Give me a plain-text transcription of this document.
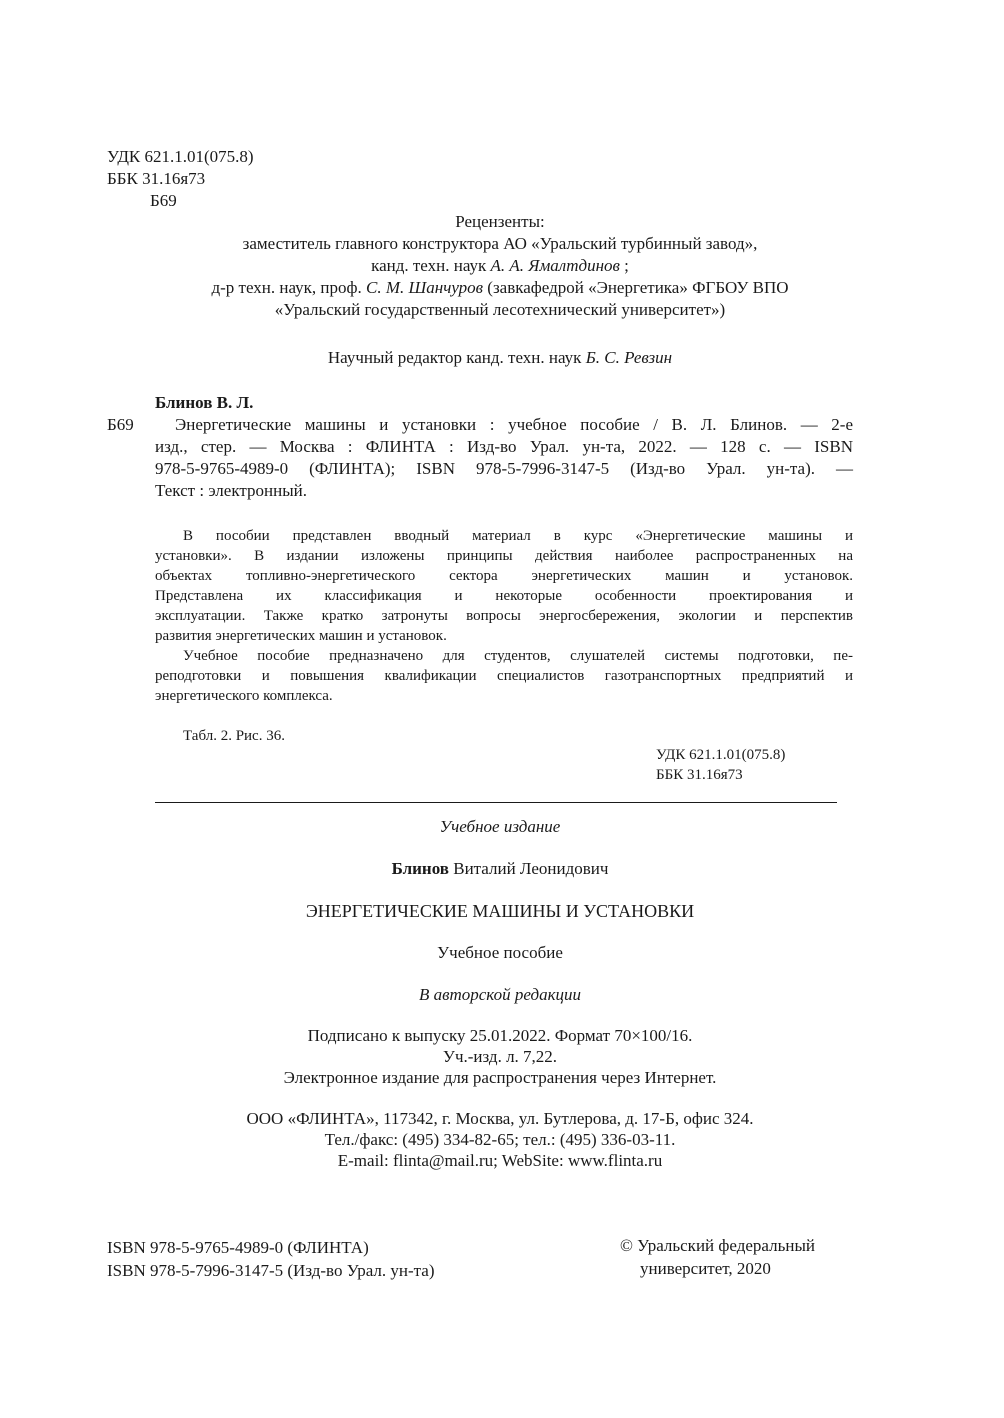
УДК 621.1.01(075.8)
ББК 31.16я73
Б69
Рецензенты:
заместитель главного конструктора АО «Уральский турбинный завод»,
канд. техн. наук А. А. Ямалтдинов ;
д-р техн. наук, проф. С. М. Шанчуров (завкафедрой «Энергетика» ФГБОУ ВПО
«Уральский государственный лесотехнический университет»)
Научный редактор канд. техн. наук Б. С. Ревзин
Блинов В. Л.
Б69	Энергетические машины и установки : учебное пособие / В. Л. Блинов. — 2-е
изд., стер. — Москва : ФЛИНТА : Изд-во Урал. ун-та, 2022. — 128 с. — ISBN
978-5-9765-4989-0 (ФЛИНТА); ISBN 978-5-7996-3147-5 (Изд-во Урал. ун-та). —
Текст : электронный.
В пособии представлен вводный материал в курс «Энергетические машины и
установки». В издании изложены принципы действия наиболее распространенных на
объектах топливно-энергетического сектора энергетических машин и установок.
Представлена их классификация и некоторые особенности проектирования и
эксплуатации. Также кратко затронуты вопросы энергосбережения, экологии и перспектив
развития энергетических машин и установок.
Учебное пособие предназначено для студентов, слушателей системы подготовки, пе-
реподготовки и повышения квалификации специалистов газотранспортных предприятий и
энергетического комплекса.
Табл. 2. Рис. 36.
УДК 621.1.01(075.8)
ББК 31.16я73
Учебное издание
Блинов Виталий Леонидович
ЭНЕРГЕТИЧЕСКИЕ МАШИНЫ И УСТАНОВКИ
Учебное пособие
В авторской редакции
Подписано к выпуску 25.01.2022. Формат 70×100/16.
Уч.-изд. л. 7,22.
Электронное издание для распространения через Интернет.
ООО «ФЛИНТА», 117342, г. Москва, ул. Бутлерова, д. 17-Б, офис 324.
Тел./факс: (495) 334-82-65; тел.: (495) 336-03-11.
E-mail: flinta@mail.ru; WebSite: www.flinta.ru
ISBN 978-5-9765-4989-0 (ФЛИНТА)
ISBN 978-5-7996-3147-5 (Изд-во Урал. ун-та)
© Уральский федеральный
университет, 2020
